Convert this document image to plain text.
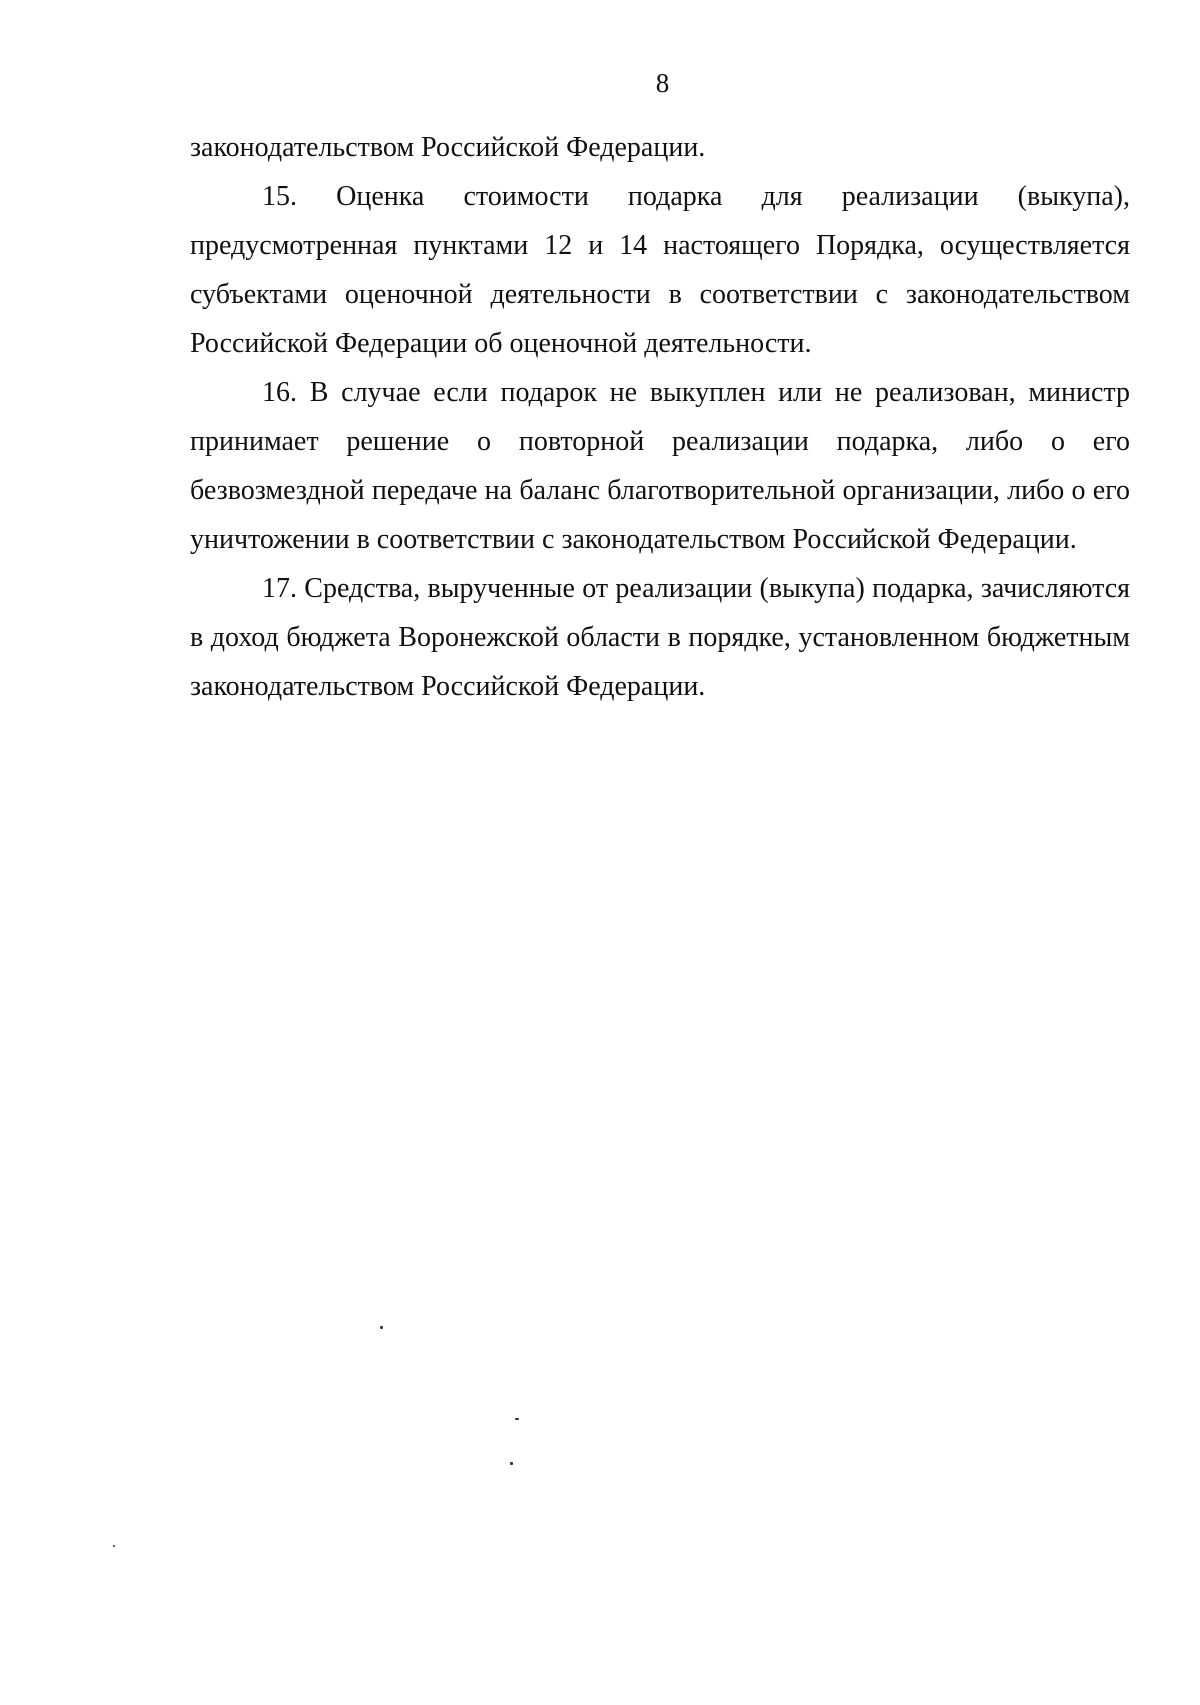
8

законодательством Российской Федерации.

15. Оценка стоимости подарка для реализации (выкупа), предусмотренная пунктами 12 и 14 настоящего Порядка, осуществляется субъектами оценочной деятельности в соответствии с законодательством Российской Федерации об оценочной деятельности.

16. В случае если подарок не выкуплен или не реализован, министр принимает решение о повторной реализации подарка, либо о его безвозмездной передаче на баланс благотворительной организации, либо о его уничтожении в соответствии с законодательством Российской Федерации.

17. Средства, вырученные от реализации (выкупа) подарка, зачисляются в доход бюджета Воронежской области в порядке, установленном бюджетным законодательством Российской Федерации.
